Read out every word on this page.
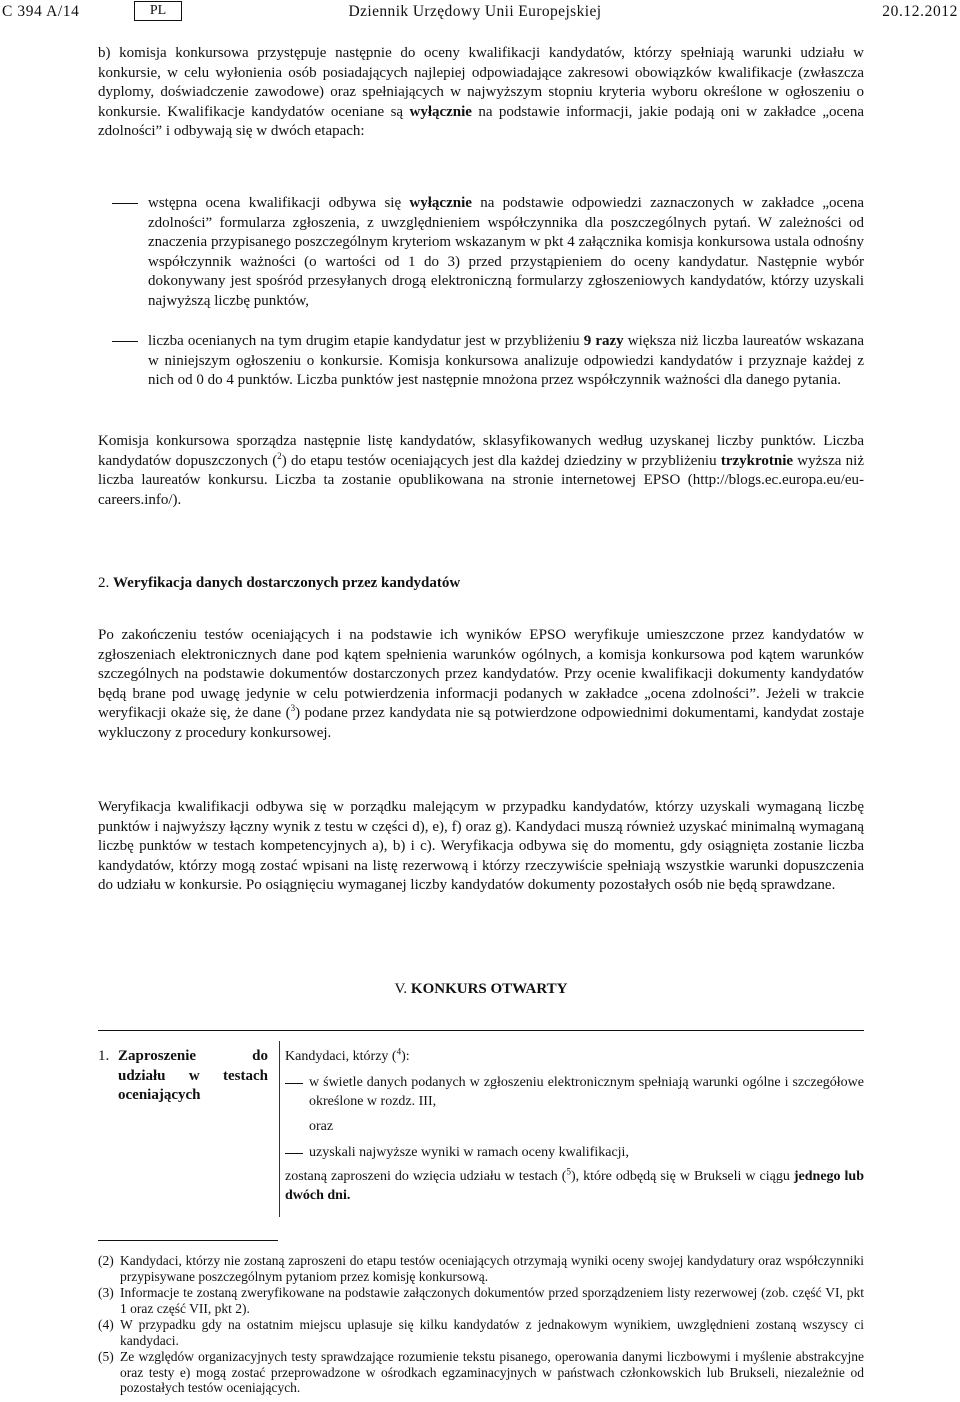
C 394 A/14	PL	Dziennik Urzędowy Unii Europejskiej	20.12.2012

b) komisja konkursowa przystępuje następnie do oceny kwalifikacji kandydatów, którzy spełniają warunki udziału w konkursie, w celu wyłonienia osób posiadających najlepiej odpowiadające zakresowi obowiązków kwalifikacje (zwłaszcza dyplomy, doświadczenie zawodowe) oraz spełniających w najwyższym stopniu kryteria wyboru określone w ogłoszeniu o konkursie. Kwalifikacje kandydatów oceniane są wyłącznie na podstawie informacji, jakie podają oni w zakładce „ocena zdolności” i odbywają się w dwóch etapach:

wstępna ocena kwalifikacji odbywa się wyłącznie na podstawie odpowiedzi zaznaczonych w zakładce „ocena zdolności” formularza zgłoszenia, z uwzględnieniem współczynnika dla poszczególnych pytań. W zależności od znaczenia przypisanego poszczególnym kryteriom wskazanym w pkt 4 załącznika komisja konkursowa ustala odnośny współczynnik ważności (o wartości od 1 do 3) przed przystąpieniem do oceny kandydatur. Następnie wybór dokonywany jest spośród przesyłanych drogą elektroniczną formularzy zgłoszeniowych kandydatów, którzy uzyskali najwyższą liczbę punktów,

liczba ocenianych na tym drugim etapie kandydatur jest w przybliżeniu 9 razy większa niż liczba laureatów wskazana w niniejszym ogłoszeniu o konkursie. Komisja konkursowa analizuje odpowiedzi kandydatów i przyznaje każdej z nich od 0 do 4 punktów. Liczba punktów jest następnie mnożona przez współczynnik ważności dla danego pytania.

Komisja konkursowa sporządza następnie listę kandydatów, sklasyfikowanych według uzyskanej liczby punktów. Liczba kandydatów dopuszczonych ($^2$) do etapu testów oceniających jest dla każdej dziedziny w przybliżeniu trzykrotnie wyższa niż liczba laureatów konkursu. Liczba ta zostanie opublikowana na stronie internetowej EPSO (http://blogs.ec.europa.eu/eu-careers.info/).

2. Weryfikacja danych dostarczonych przez kandydatów

Po zakończeniu testów oceniających i na podstawie ich wyników EPSO weryfikuje umieszczone przez kandydatów w zgłoszeniach elektronicznych dane pod kątem spełnienia warunków ogólnych, a komisja konkursowa pod kątem warunków szczególnych na podstawie dokumentów dostarczonych przez kandydatów. Przy ocenie kwalifikacji dokumenty kandydatów będą brane pod uwagę jedynie w celu potwierdzenia informacji podanych w zakładce „ocena zdolności”. Jeżeli w trakcie weryfikacji okaże się, że dane ($^3$) podane przez kandydata nie są potwierdzone odpowiednimi dokumentami, kandydat zostaje wykluczony z procedury konkursowej.

Weryfikacja kwalifikacji odbywa się w porządku malejącym w przypadku kandydatów, którzy uzyskali wymaganą liczbę punktów i najwyższy łączny wynik z testu w części d), e), f) oraz g). Kandydaci muszą również uzyskać minimalną wymaganą liczbę punktów w testach kompetencyjnych a), b) i c). Weryfikacja odbywa się do momentu, gdy osiągnięta zostanie liczba kandydatów, którzy mogą zostać wpisani na listę rezerwową i którzy rzeczywiście spełniają wszystkie warunki dopuszczenia do udziału w konkursie. Po osiągnięciu wymaganej liczby kandydatów dokumenty pozostałych osób nie będą sprawdzane.

V. KONKURS OTWARTY
1. Zaproszenie do
udziału w testach
oceniających

Kandydaci, którzy ($^4$):

w świetle danych podanych w zgłoszeniu elektronicznym spełniają warunki ogólne i szczegółowe określone w rozdz. III,

oraz

uzyskali najwyższe wyniki w ramach oceny kwalifikacji,

zostaną zaproszeni do wzięcia udziału w testach ($^5$), które odbędą się w Brukseli w ciągu jednego lub dwóch dni.

(2) Kandydaci, którzy nie zostaną zaproszeni do etapu testów oceniających otrzymają wyniki oceny swojej kandydatury oraz współczynniki przypisywane poszczególnym pytaniom przez komisję konkursową.

(3) Informacje te zostaną zweryfikowane na podstawie załączonych dokumentów przed sporządzeniem listy rezerwowej (zob. część VI, pkt 1 oraz część VII, pkt 2).

(4) W przypadku gdy na ostatnim miejscu uplasuje się kilku kandydatów z jednakowym wynikiem, uwzględnieni zostaną wszyscy ci kandydaci.

(5) Ze względów organizacyjnych testy sprawdzające rozumienie tekstu pisanego, operowania danymi liczbowymi i myślenie abstrakcyjne oraz testy e) mogą zostać przeprowadzone w ośrodkach egzaminacyjnych w państwach członkowskich lub Brukseli, niezależnie od pozostałych testów oceniających.
